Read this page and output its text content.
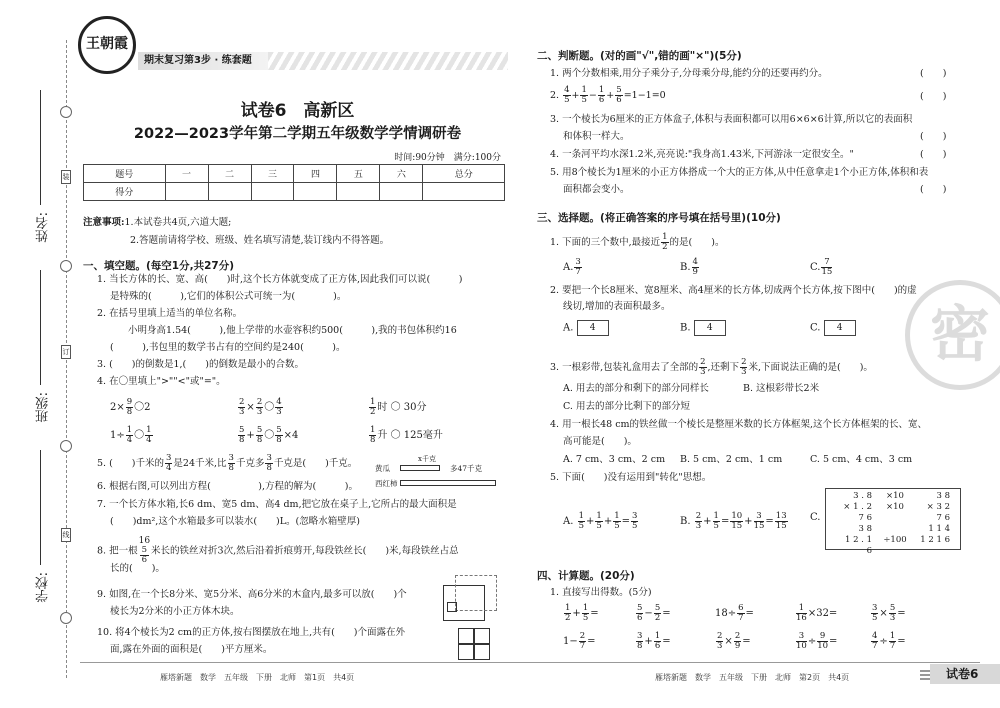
姓名:
班级:
学校:
装
订
线
王朝霞
期末复习第3步 · 练套题
试卷6　高新区
2022—2023学年第二学期五年级数学学情调研卷
时间:90分钟　满分:100分
题号	一	二	三	四	五	六	总分
得分							
注意事项:1.本试卷共4页,六道大题;
2.答题前请将学校、班级、姓名填写清楚,装订线内不得答题。
一、填空题。(每空1分,共27分)
1. 当长方体的长、宽、高(　　)时,这个长方体就变成了正方体,因此我们可以说(　　　)
是特殊的(　　　),它们的体积公式可统一为(　　　　)。
2. 在括号里填上适当的单位名称。
小明身高1.54(　　　),他上学带的水壶容积约500(　　　),我的书包体积约16
(　　　),书包里的数学书占有的空间约是240(　　　)。
3. (　　)的倒数是1,(　　)的倒数是最小的合数。
4. 在〇里填上">""<"或"="。
$2\times \frac{9}{8}$ 〇2	$\frac{2}{3} \times \frac{2}{3}$ 〇 $\frac{4}{3}$	$\frac{1}{2}$ 时 〇 30分
$1\div \frac{1}{4}$ 〇 $\frac{1}{4}$	$\frac{5}{8} + \frac{5}{8}$ 〇 $\frac{5}{8} \times 4$	$\frac{1}{8}$ 升 〇 125毫升
5. (　　)千米的 $\frac{3}{4}$ 是24千米,比 $\frac{3}{8}$ 千克多 $\frac{3}{8}$ 千克是(　　)千克。 黄瓜
x千克
西红柿
多47千克
6. 根据右图,可以列出方程(　　　　　),方程的解为(　　　)。
7. 一个长方体水箱,长6 dm、宽5 dm、高4 dm,把它放在桌子上,它所占的最大面积是
(　　)dm²,这个水箱最多可以装水(　　)L。(忽略水箱壁厚)
8. 把一根16
5
6
米长的铁丝对折3次,然后沿着折痕剪开,每段铁丝长(　　)米,每段铁丝占总
长的(　　)。
9. 如图,在一个长8分米、宽5分米、高6分米的木盒内,最多可以放(　　)个
棱长为2分米的小正方体木块。
10. 将4个棱长为2 cm的正方体,按右图摆放在地上,共有(　　)个面露在外
面,露在外面的面积是(　　)平方厘米。
二、判断题。(对的画"√",错的画"×")(5分)
1. 两个分数相乘,用分子乘分子,分母乘分母,能约分的还要再约分。	(　　)
2. $\frac{4}{5} + \frac{1}{5} - \frac{1}{6} + \frac{5}{6} =1-1=0$	(　　)
3. 一个棱长为6厘米的正方体盒子,体积与表面积都可以用6×6×6计算,所以它的表面积
和体积一样大。	(　　)
4. 一条河平均水深1.2米,亮亮说:"我身高1.43米,下河游泳一定很安全。"	(　　)
5. 用8个棱长为1厘米的小正方体搭成一个大的正方体,从中任意拿走1个小正方体,体积和表
面积都会变小。	(　　)
三、选择题。(将正确答案的序号填在括号里)(10分)
1. 下面的三个数中,最接近 $\frac{1}{2}$ 的是(　　)。
A. $\frac{3}{7}$	B. $\frac{4}{9}$	C. $\frac{7}{15}$
2. 要把一个长8厘米、宽8厘米、高4厘米的长方体,切成两个长方体,按下图中(　　)的虚
线切,增加的表面积最多。
A. 4	B. 4	C. 4
3. 一根彩带,包装礼盒用去了全部的 $\frac{2}{3}$ ,还剩下 $\frac{2}{3}$ 米,下面说法正确的是(　　)。
A. 用去的部分和剩下的部分同样长	B. 这根彩带长2米
C. 用去的部分比剩下的部分短
4. 用一根长48 cm的铁丝做一个棱长是整厘米数的长方体框架,这个长方体框架的长、宽、
高可能是(　　)。
A. 7 cm、3 cm、2 cm B. 5 cm、2 cm、1 cm	C. 5 cm、4 cm、3 cm
5. 下面(　　)没有运用到"转化"思想。
A. $\frac{1}{5} + \frac{1}{5} + \frac{1}{5} = \frac{3}{5}$	B. $\frac{2}{3} + \frac{1}{5} = \frac{10}{15} + \frac{3}{15} = \frac{13}{15} C$.
3 . 8
× 1 . 2
7 6
3 8
1 2 . 1 6
×10
×10
÷100
3 8
× 3 2
7 6
1 1 4
1 2 1 6
四、计算题。(20分)
1. 直接写出得数。(5分)
$\frac{1}{2} + \frac{1}{5}$ =	$\frac{5}{6} - \frac{5}{2}$ =	$18\div \frac{6}{7}$ =	$\frac{1}{16} \times 32=$	$\frac{3}{5} \times \frac{5}{3}$ =
$1- \frac{2}{7}$ =	$\frac{3}{8} + \frac{1}{6}$ =	$\frac{2}{3} \times \frac{2}{9}$ =	$\frac{3}{10} \div \frac{9}{10}$ =	$\frac{4}{7} \div \frac{1}{7}$ =
密
雁塔新题　数学　五年级　下册　北师　第1页　共4页	雁塔新题　数学　五年级　下册　北师　第2页　共4页	试卷6
